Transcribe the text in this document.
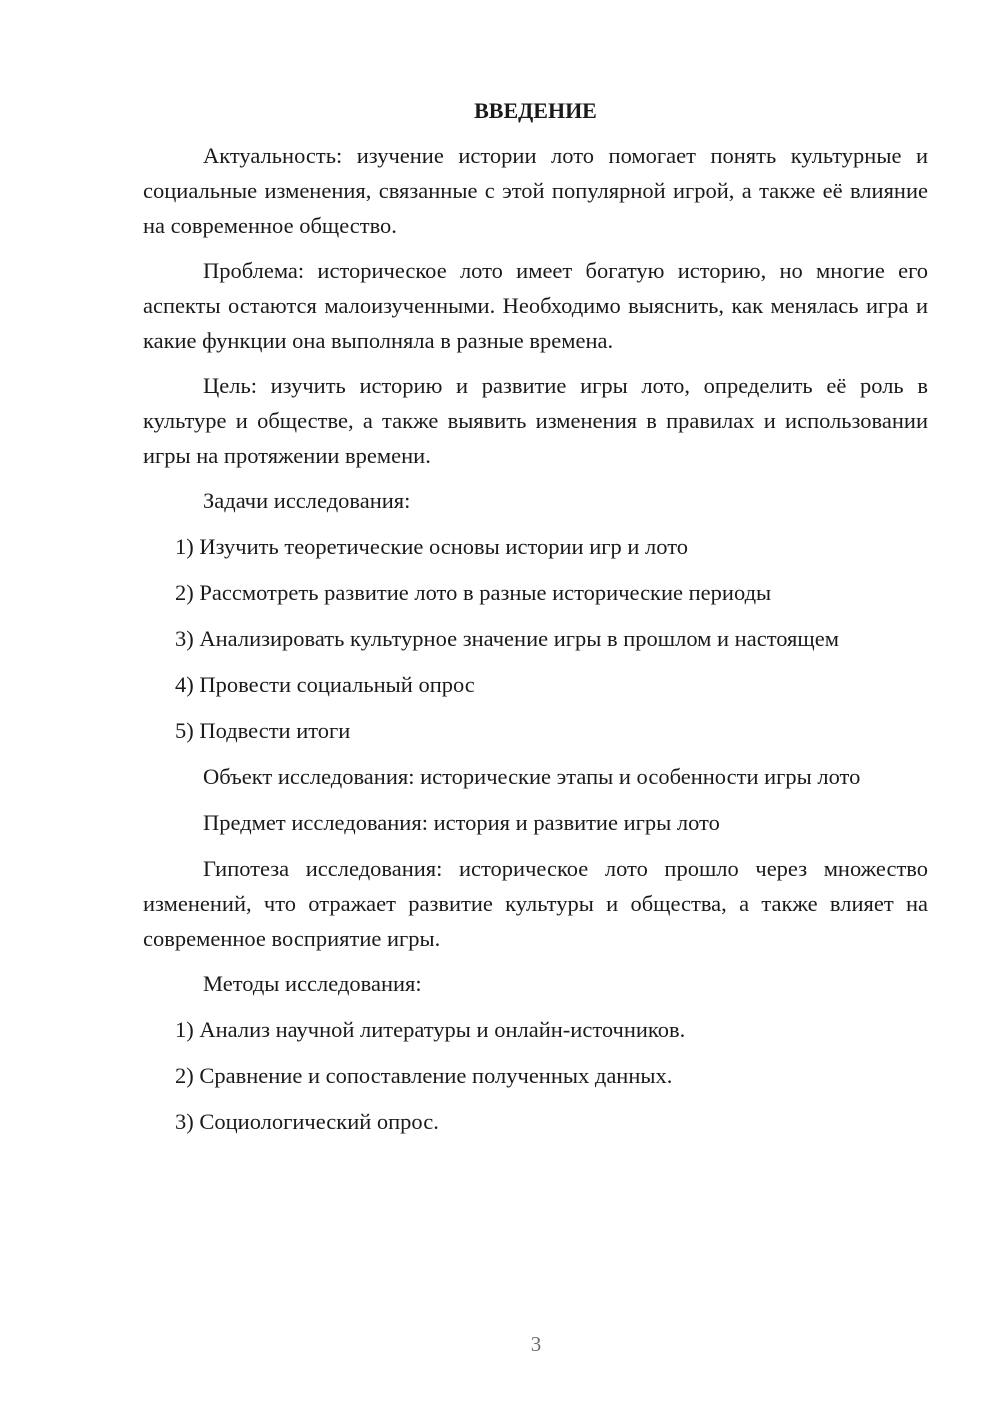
ВВЕДЕНИЕ

Актуальность: изучение истории лото помогает понять культурные и социальные изменения, связанные с этой популярной игрой, а также её влияние на современное общество.

Проблема: историческое лото имеет богатую историю, но многие его аспекты остаются малоизученными. Необходимо выяснить, как менялась игра и какие функции она выполняла в разные времена.

Цель: изучить историю и развитие игры лото, определить её роль в культуре и обществе, а также выявить изменения в правилах и использовании игры на протяжении времени.

Задачи исследования:

1) Изучить теоретические основы истории игр и лото
2) Рассмотреть развитие лото в разные исторические периоды
3) Анализировать культурное значение игры в прошлом и настоящем
4) Провести социальный опрос
5) Подвести итоги

Объект исследования: исторические этапы и особенности игры лото

Предмет исследования: история и развитие игры лото

Гипотеза исследования: историческое лото прошло через множество изменений, что отражает развитие культуры и общества, а также влияет на современное восприятие игры.

Методы исследования:

1) Анализ научной литературы и онлайн-источников.
2) Сравнение и сопоставление полученных данных.
3) Социологический опрос.
3
